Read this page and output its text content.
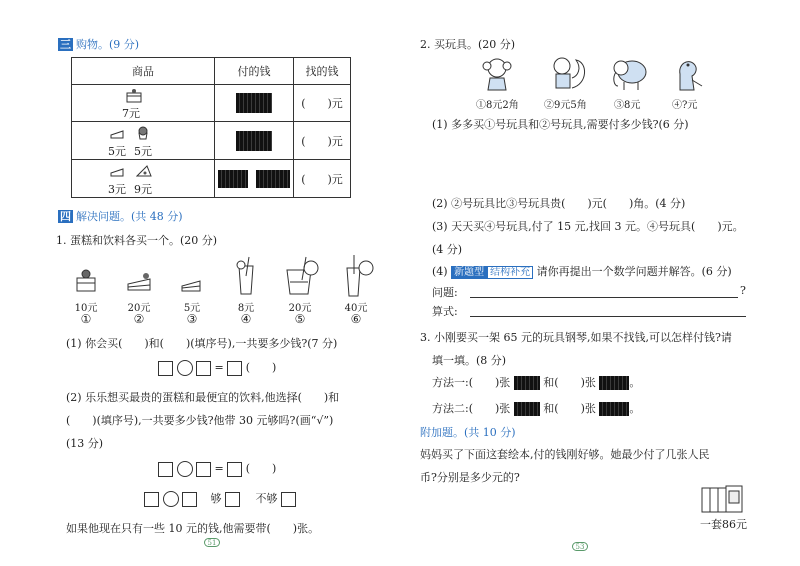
三 购物。(9 分)
商品	付的钱	找的钱

7元		(　　)元

5元 5元		(　　)元

3元 9元		(　　)元
四 解决问题。(共 48 分)
1. 蛋糕和饮料各买一个。(20 分)
10元
①
20元
②
5元
③
8元
④
20元
⑤
40元
⑥
(1) 你会买(　　)和(　　)(填序号),一共要多少钱?(7 分)
= (　　)
(2) 乐乐想买最贵的蛋糕和最便宜的饮料,他选择(　　)和
(　　)(填序号),一共要多少钱?他带 30 元够吗?(画“√”)
(13 分)
= (　　)
够	不够
如果他现在只有一些 10 元的钱,他需要带(　　)张。
51
2. 买玩具。(20 分)
①8元2角	②9元5角	③8元	④?元
(1) 多多买①号玩具和②号玩具,需要付多少钱?(6 分)
(2) ②号玩具比③号玩具贵(　　)元(　　)角。(4 分)
(3) 天天买④号玩具,付了 15 元,找回 3 元。④号玩具(　　)元。
(4 分)
(4) 新题型 结构补充 请你再提出一个数学问题并解答。(6 分)
问题:	?
算式:
3. 小刚要买一架 65 元的玩具钢琴,如果不找钱,可以怎样付钱?请
填一填。(8 分)
方法一:(　　)张	和(　　)张	。
方法二:(　　)张	和(　　)张	。
附加题。(共 10 分)
妈妈买了下面这套绘本,付的钱刚好够。她最少付了几张人民
币?分别是多少元的?
一套86元
53
